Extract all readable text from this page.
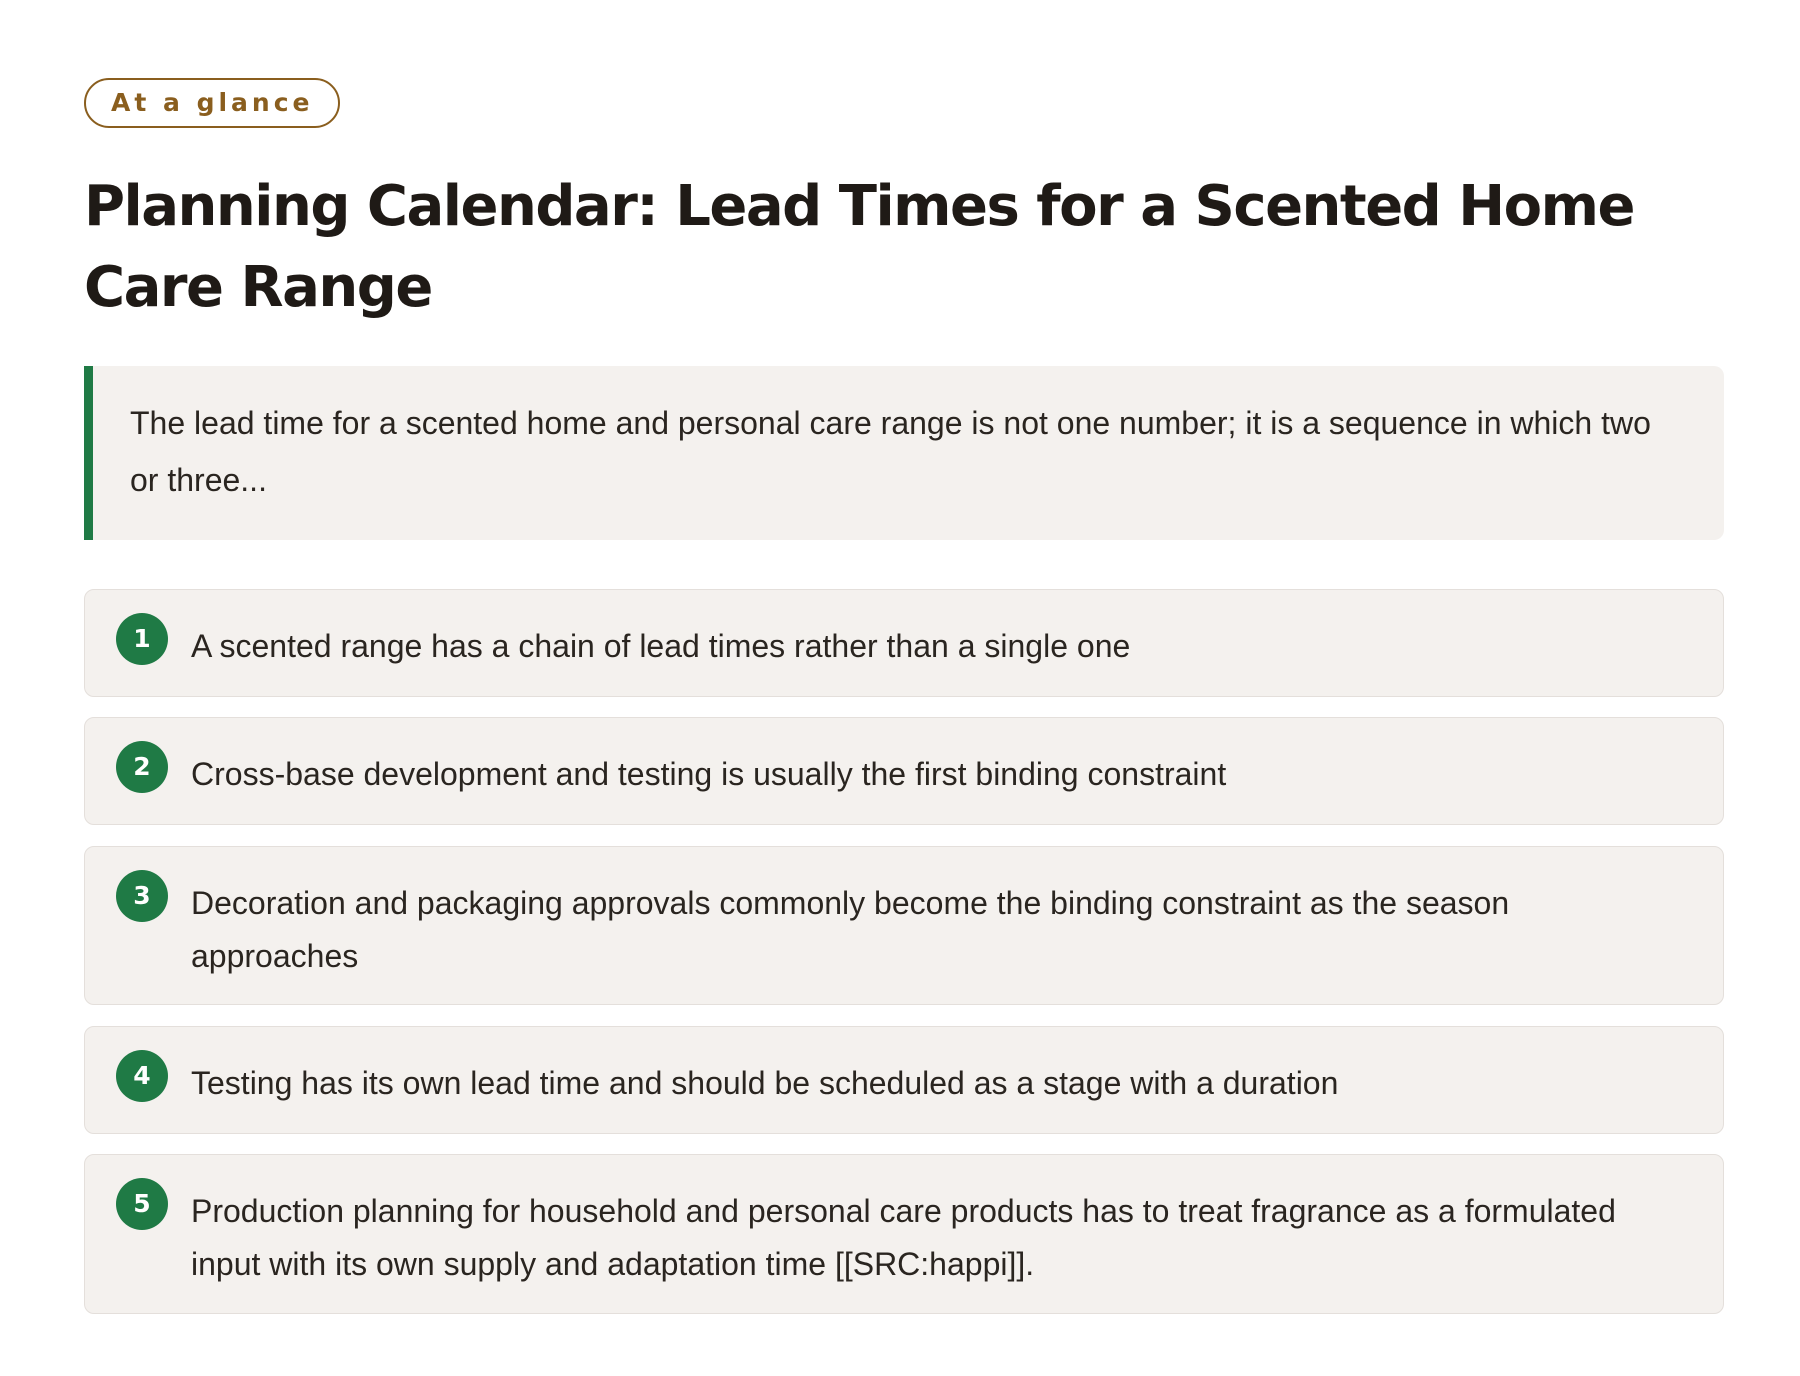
At a glance
Planning Calendar: Lead Times for a Scented Home Care Range

The lead time for a scented home and personal care range is not one number; it is a sequence in which two or three...

1	A scented range has a chain of lead times rather than a single one

2	Cross-base development and testing is usually the first binding constraint

3	Decoration and packaging approvals commonly become the binding constraint as the season approaches

4	Testing has its own lead time and should be scheduled as a stage with a duration

5	Production planning for household and personal care products has to treat fragrance as a formulated input with its own supply and adaptation time [[SRC:happi]].
